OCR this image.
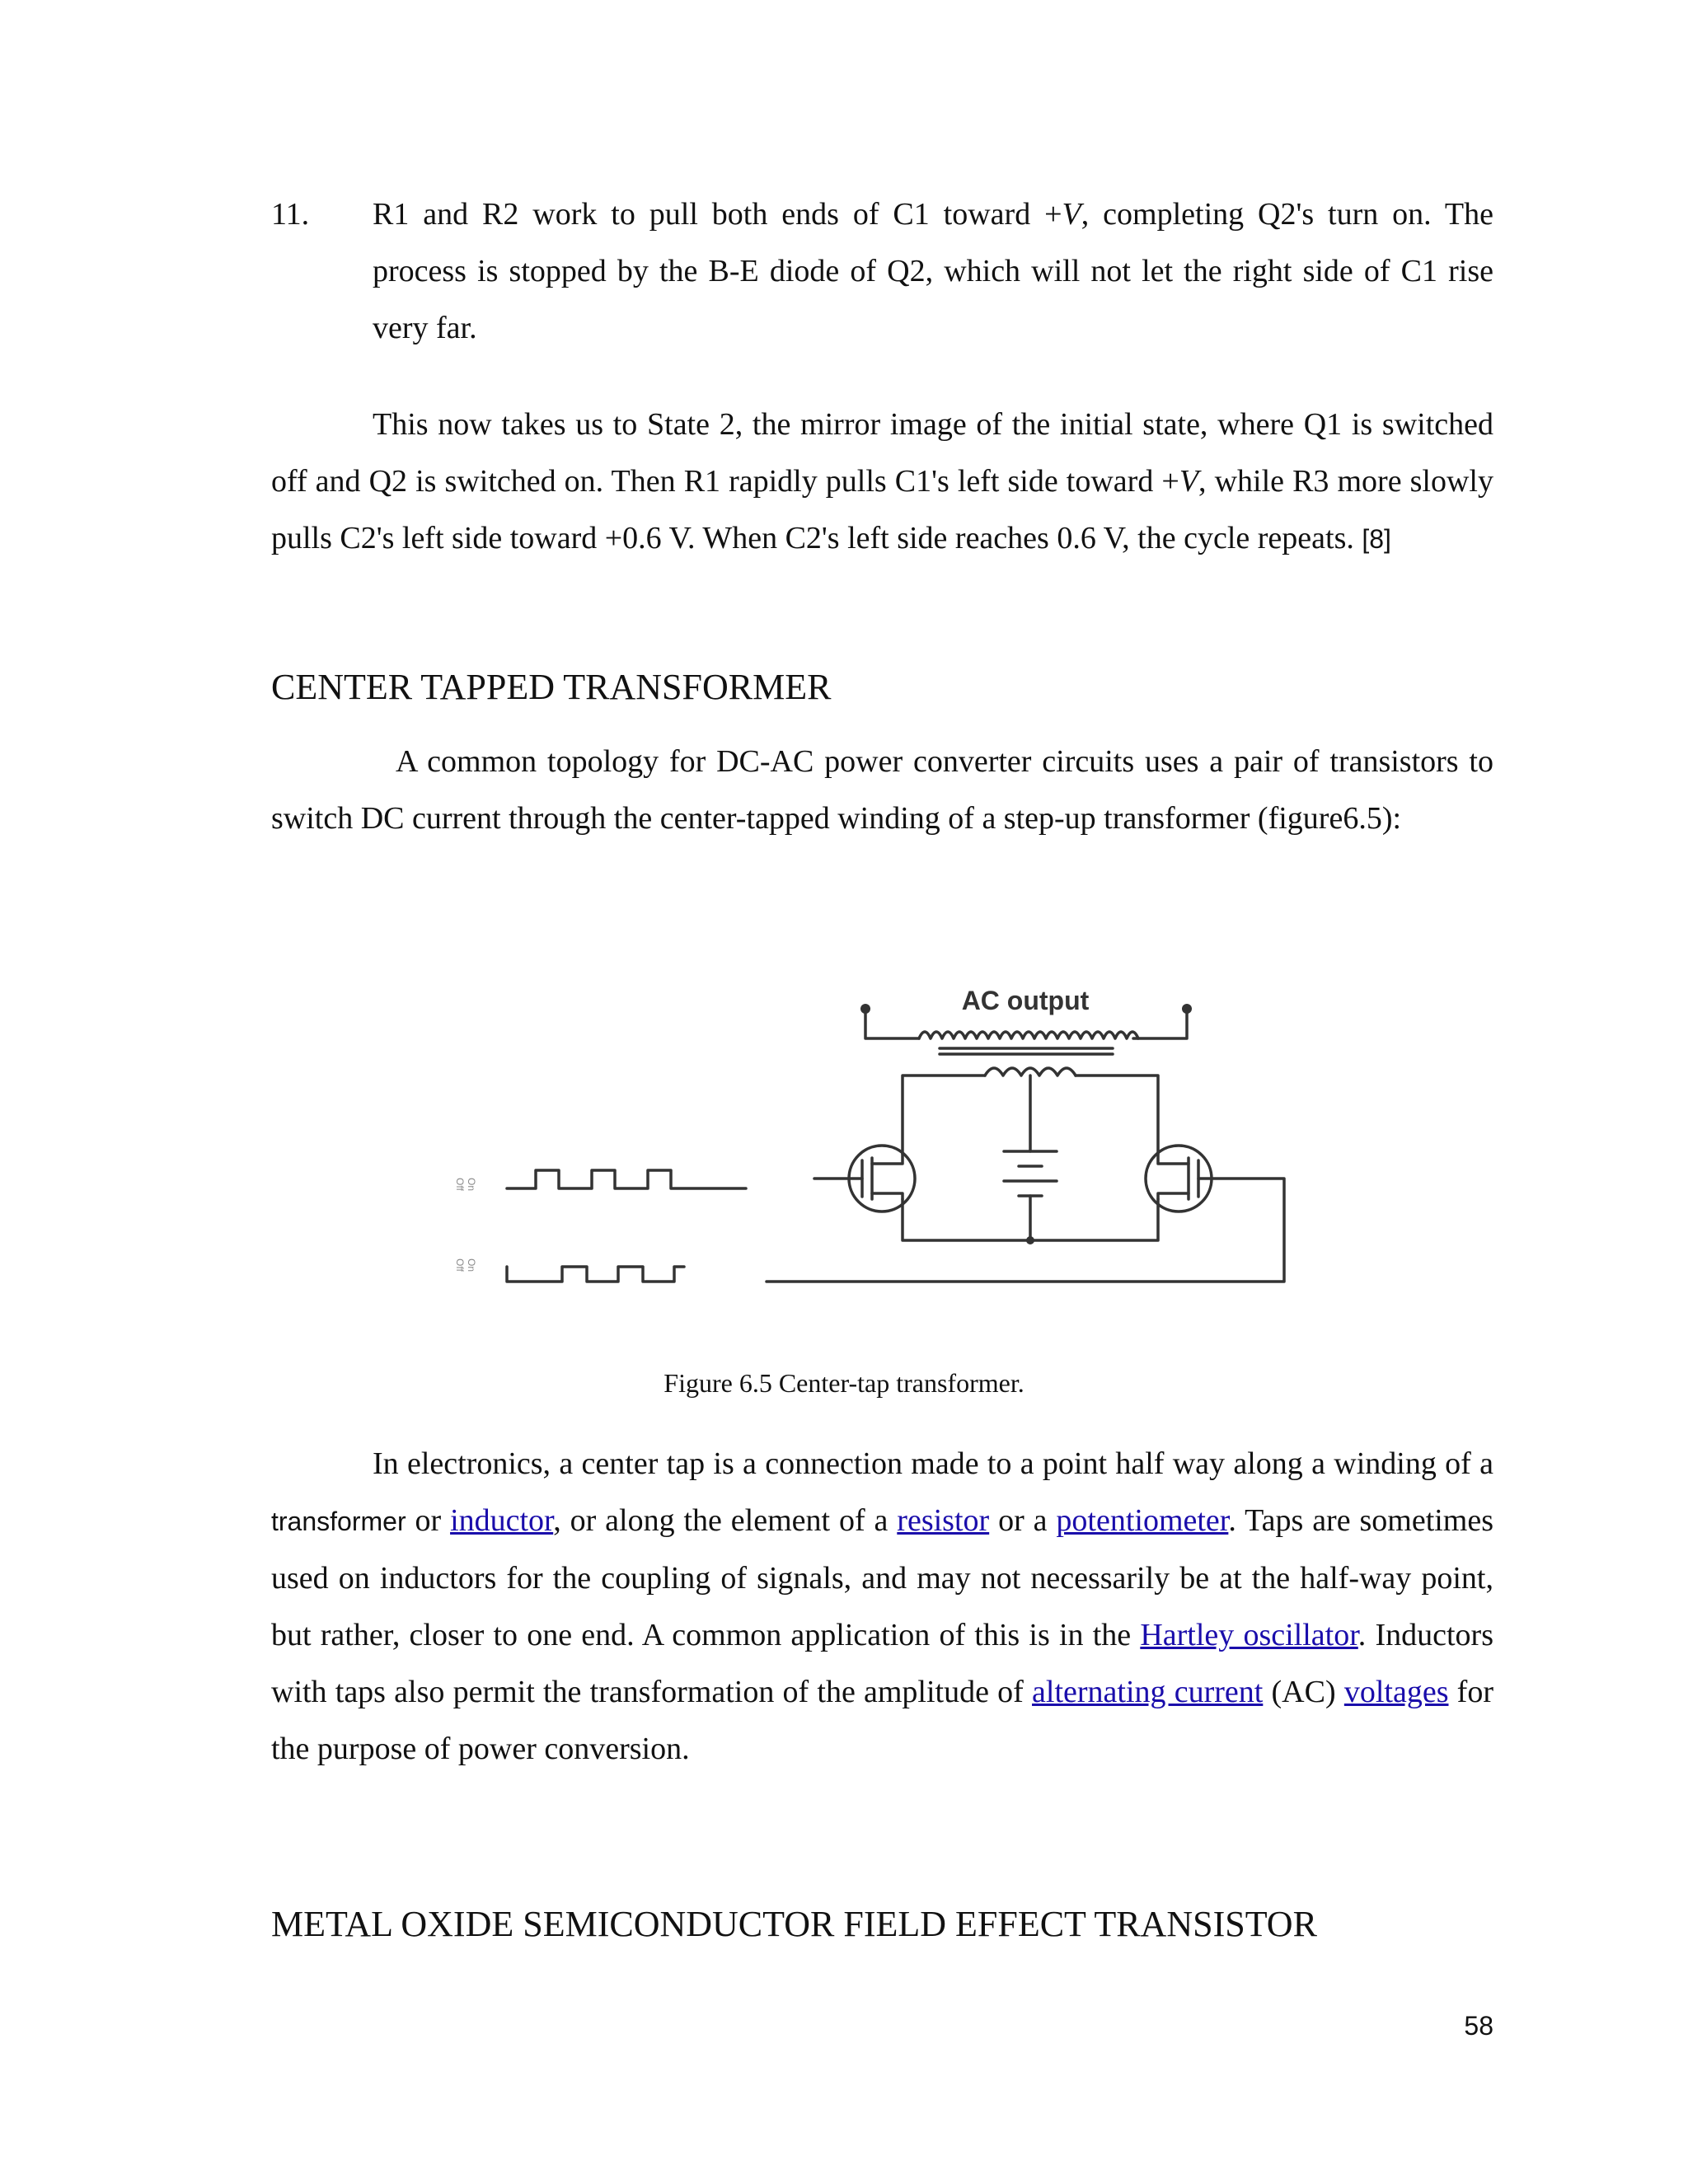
11. R1 and R2 work to pull both ends of C1 toward +V, completing Q2's turn on. The process is stopped by the B-E diode of Q2, which will not let the right side of C1 rise very far.

This now takes us to State 2, the mirror image of the initial state, where Q1 is switched off and Q2 is switched on. Then R1 rapidly pulls C1's left side toward +V, while R3 more slowly pulls C2's left side toward +0.6 V. When C2's left side reaches 0.6 V, the cycle repeats. [8]

CENTER TAPPED TRANSFORMER

A common topology for DC-AC power converter circuits uses a pair of transistors to switch DC current through the center-tapped winding of a step-up transformer (figure6.5):

AC output
On
Off
On
Off
Figure 6.5 Center-tap transformer.

In electronics, a center tap is a connection made to a point half way along a winding of a transformer or inductor, or along the element of a resistor or a potentiometer. Taps are sometimes used on inductors for the coupling of signals, and may not necessarily be at the half-way point, but rather, closer to one end. A common application of this is in the Hartley oscillator. Inductors with taps also permit the transformation of the amplitude of alternating current (AC) voltages for the purpose of power conversion.

METAL OXIDE SEMICONDUCTOR FIELD EFFECT TRANSISTOR
58
